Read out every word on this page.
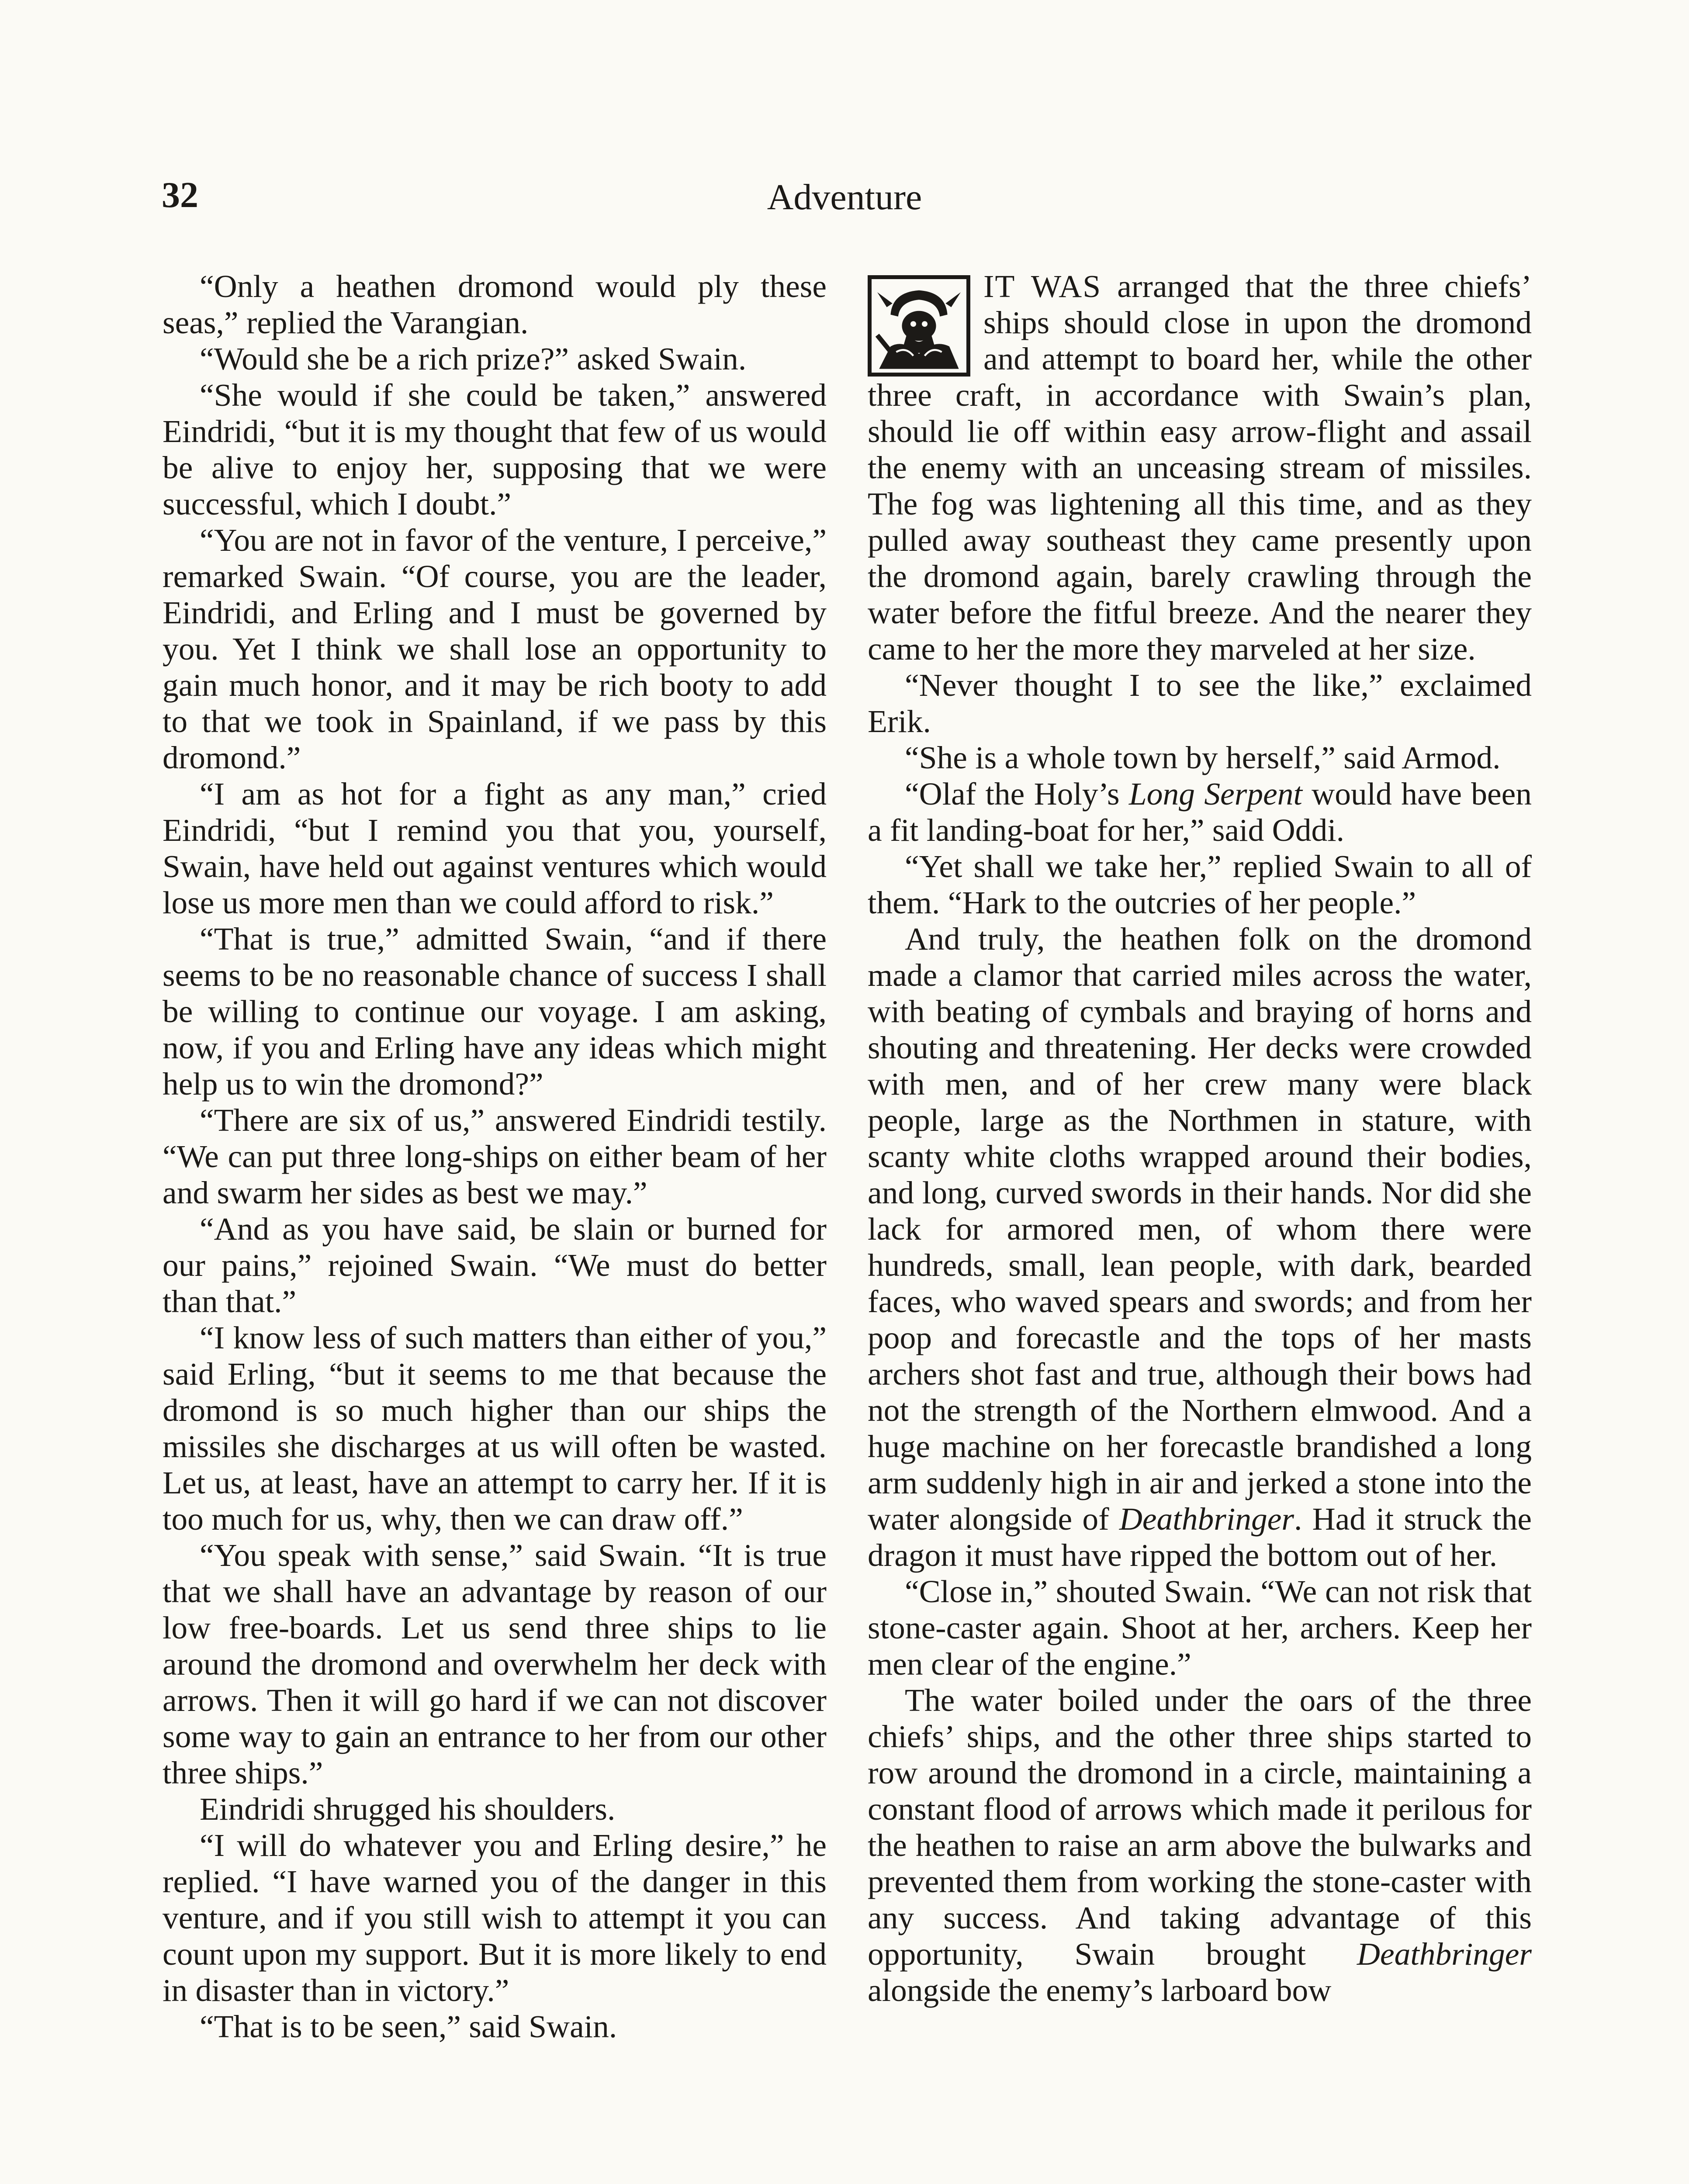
32	Adventure

“Only a heathen dromond would ply these seas,” replied the Varangian.

“Would she be a rich prize?” asked Swain.

“She would if she could be taken,” answered Eindridi, “but it is my thought that few of us would be alive to enjoy her, supposing that we were successful, which I doubt.”

“You are not in favor of the venture, I perceive,” remarked Swain. “Of course, you are the leader, Eindridi, and Erling and I must be governed by you. Yet I think we shall lose an opportunity to gain much honor, and it may be rich booty to add to that we took in Spainland, if we pass by this dromond.”

“I am as hot for a fight as any man,” cried Eindridi, “but I remind you that you, yourself, Swain, have held out against ventures which would lose us more men than we could afford to risk.”

“That is true,” admitted Swain, “and if there seems to be no reasonable chance of success I shall be willing to continue our voyage. I am asking, now, if you and Erling have any ideas which might help us to win the dromond?”

“There are six of us,” answered Eindridi testily. “We can put three long-ships on either beam of her and swarm her sides as best we may.”

“And as you have said, be slain or burned for our pains,” rejoined Swain. “We must do better than that.”

“I know less of such matters than either of you,” said Erling, “but it seems to me that because the dromond is so much higher than our ships the missiles she discharges at us will often be wasted. Let us, at least, have an attempt to carry her. If it is too much for us, why, then we can draw off.”

“You speak with sense,” said Swain. “It is true that we shall have an advantage by reason of our low free-boards. Let us send three ships to lie around the dromond and overwhelm her deck with arrows. Then it will go hard if we can not discover some way to gain an entrance to her from our other three ships.”

Eindridi shrugged his shoulders.

“I will do whatever you and Erling desire,” he replied. “I have warned you of the danger in this venture, and if you still wish to attempt it you can count upon my support. But it is more likely to end in disaster than in victory.”

“That is to be seen,” said Swain.

IT WAS arranged that the three chiefs’ ships should close in upon the dromond and attempt to board her, while the other three craft, in accordance with Swain’s plan, should lie off within easy arrow-flight and assail the enemy with an unceasing stream of missiles. The fog was lightening all this time, and as they pulled away southeast they came presently upon the dromond again, barely crawling through the water before the fitful breeze. And the nearer they came to her the more they marveled at her size.

“Never thought I to see the like,” exclaimed Erik.

“She is a whole town by herself,” said Armod.

“Olaf the Holy’s Long Serpent would have been a fit landing-boat for her,” said Oddi.

“Yet shall we take her,” replied Swain to all of them. “Hark to the outcries of her people.”

And truly, the heathen folk on the dromond made a clamor that carried miles across the water, with beating of cymbals and braying of horns and shouting and threatening. Her decks were crowded with men, and of her crew many were black people, large as the Northmen in stature, with scanty white cloths wrapped around their bodies, and long, curved swords in their hands. Nor did she lack for armored men, of whom there were hundreds, small, lean people, with dark, bearded faces, who waved spears and swords; and from her poop and forecastle and the tops of her masts archers shot fast and true, although their bows had not the strength of the Northern elmwood. And a huge machine on her forecastle brandished a long arm suddenly high in air and jerked a stone into the water alongside of Deathbringer. Had it struck the dragon it must have ripped the bottom out of her.

“Close in,” shouted Swain. “We can not risk that stone-caster again. Shoot at her, archers. Keep her men clear of the engine.”

The water boiled under the oars of the three chiefs’ ships, and the other three ships started to row around the dromond in a circle, maintaining a constant flood of arrows which made it perilous for the heathen to raise an arm above the bulwarks and prevented them from working the stone-caster with any success. And taking advantage of this opportunity, Swain brought Deathbringer alongside the enemy’s larboard bow
